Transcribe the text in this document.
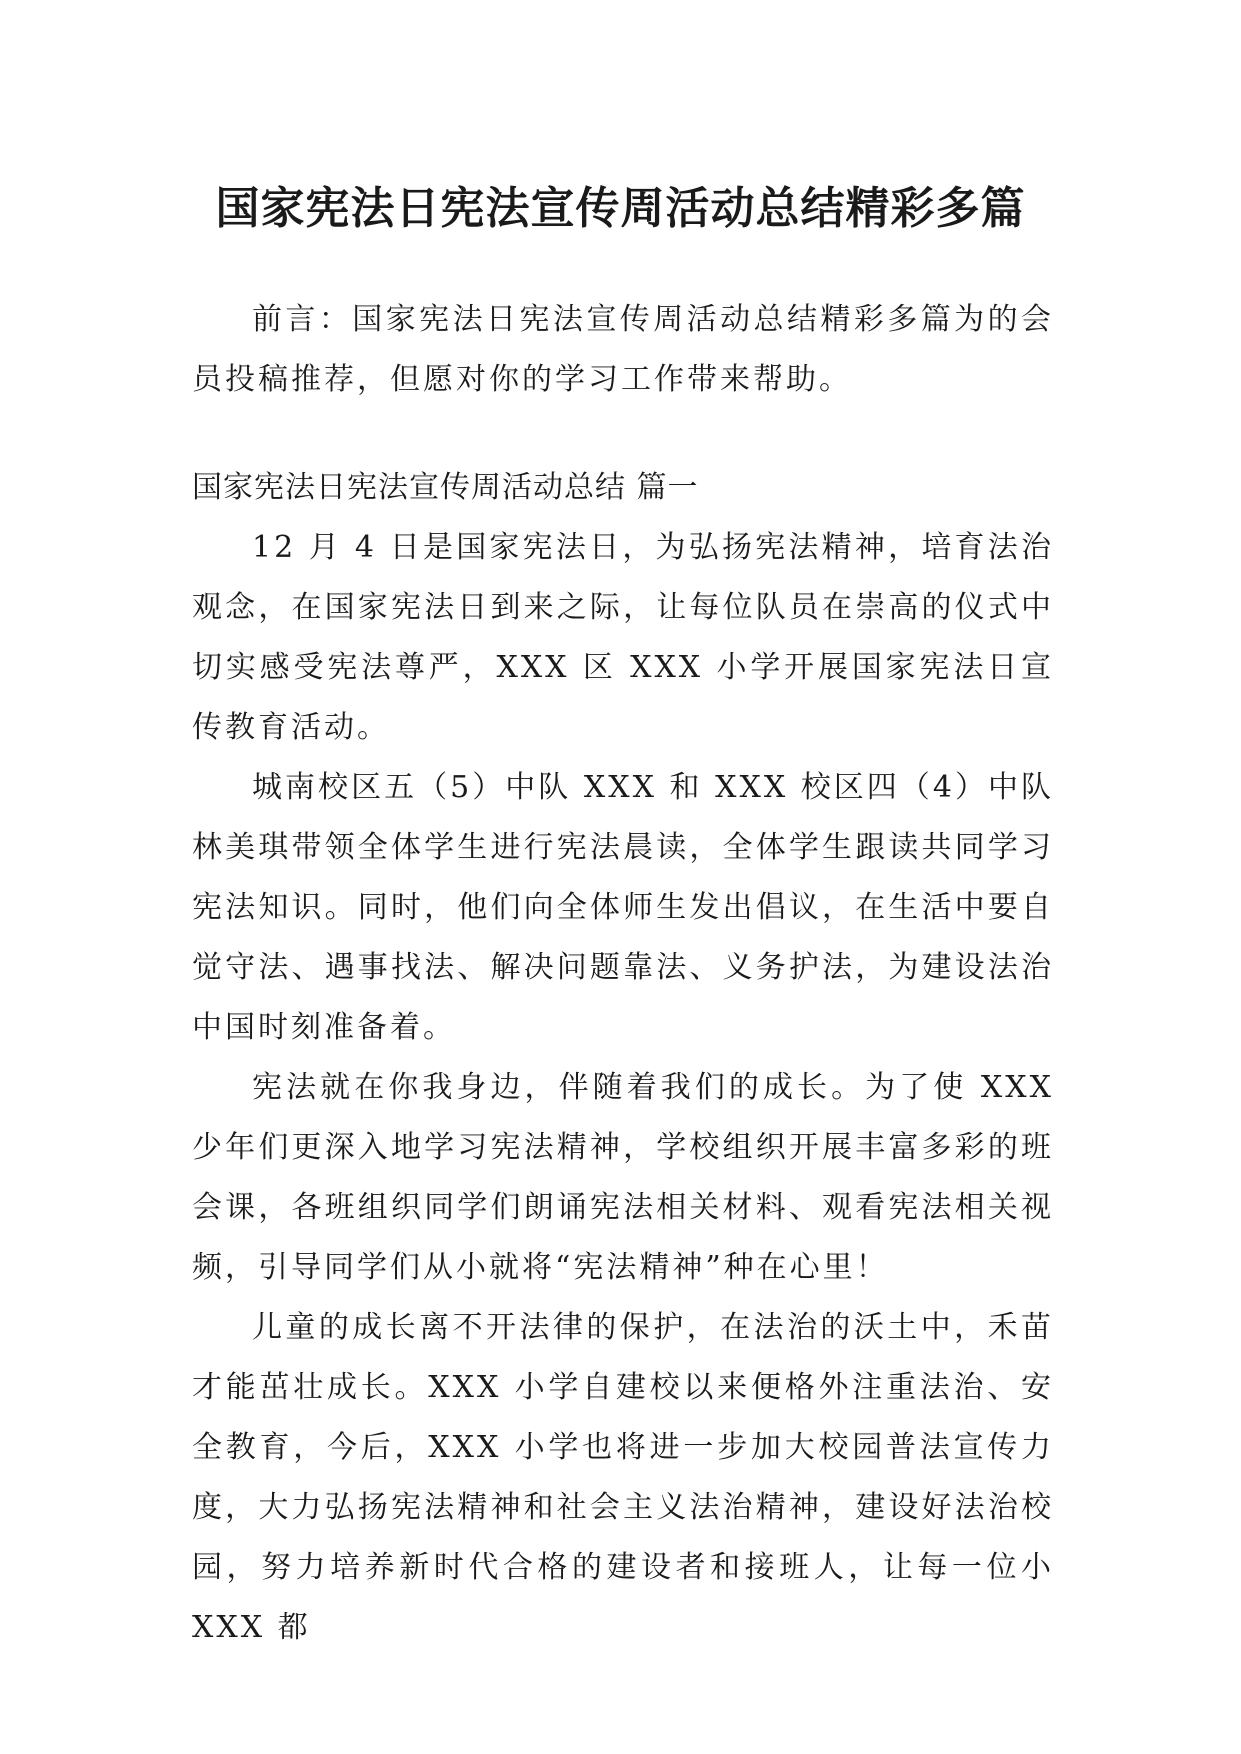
国家宪法日宪法宣传周活动总结精彩多篇

前言：国家宪法日宪法宣传周活动总结精彩多篇为的会员投稿推荐，但愿对你的学习工作带来帮助。

国家宪法日宪法宣传周活动总结 篇一

12 月 4 日是国家宪法日，为弘扬宪法精神，培育法治观念，在国家宪法日到来之际，让每位队员在崇高的仪式中切实感受宪法尊严，XXX 区 XXX 小学开展国家宪法日宣传教育活动。

城南校区五（5）中队 XXX 和 XXX 校区四（4）中队林美琪带领全体学生进行宪法晨读，全体学生跟读共同学习宪法知识。同时，他们向全体师生发出倡议，在生活中要自觉守法、遇事找法、解决问题靠法、义务护法，为建设法治中国时刻准备着。

宪法就在你我身边，伴随着我们的成长。为了使 XXX 少年们更深入地学习宪法精神，学校组织开展丰富多彩的班会课，各班组织同学们朗诵宪法相关材料、观看宪法相关视频，引导同学们从小就将“宪法精神”种在心里！

儿童的成长离不开法律的保护，在法治的沃土中，禾苗才能茁壮成长。XXX 小学自建校以来便格外注重法治、安全教育，今后，XXX 小学也将进一步加大校园普法宣传力度，大力弘扬宪法精神和社会主义法治精神，建设好法治校园，努力培养新时代合格的建设者和接班人，让每一位小 XXX 都
